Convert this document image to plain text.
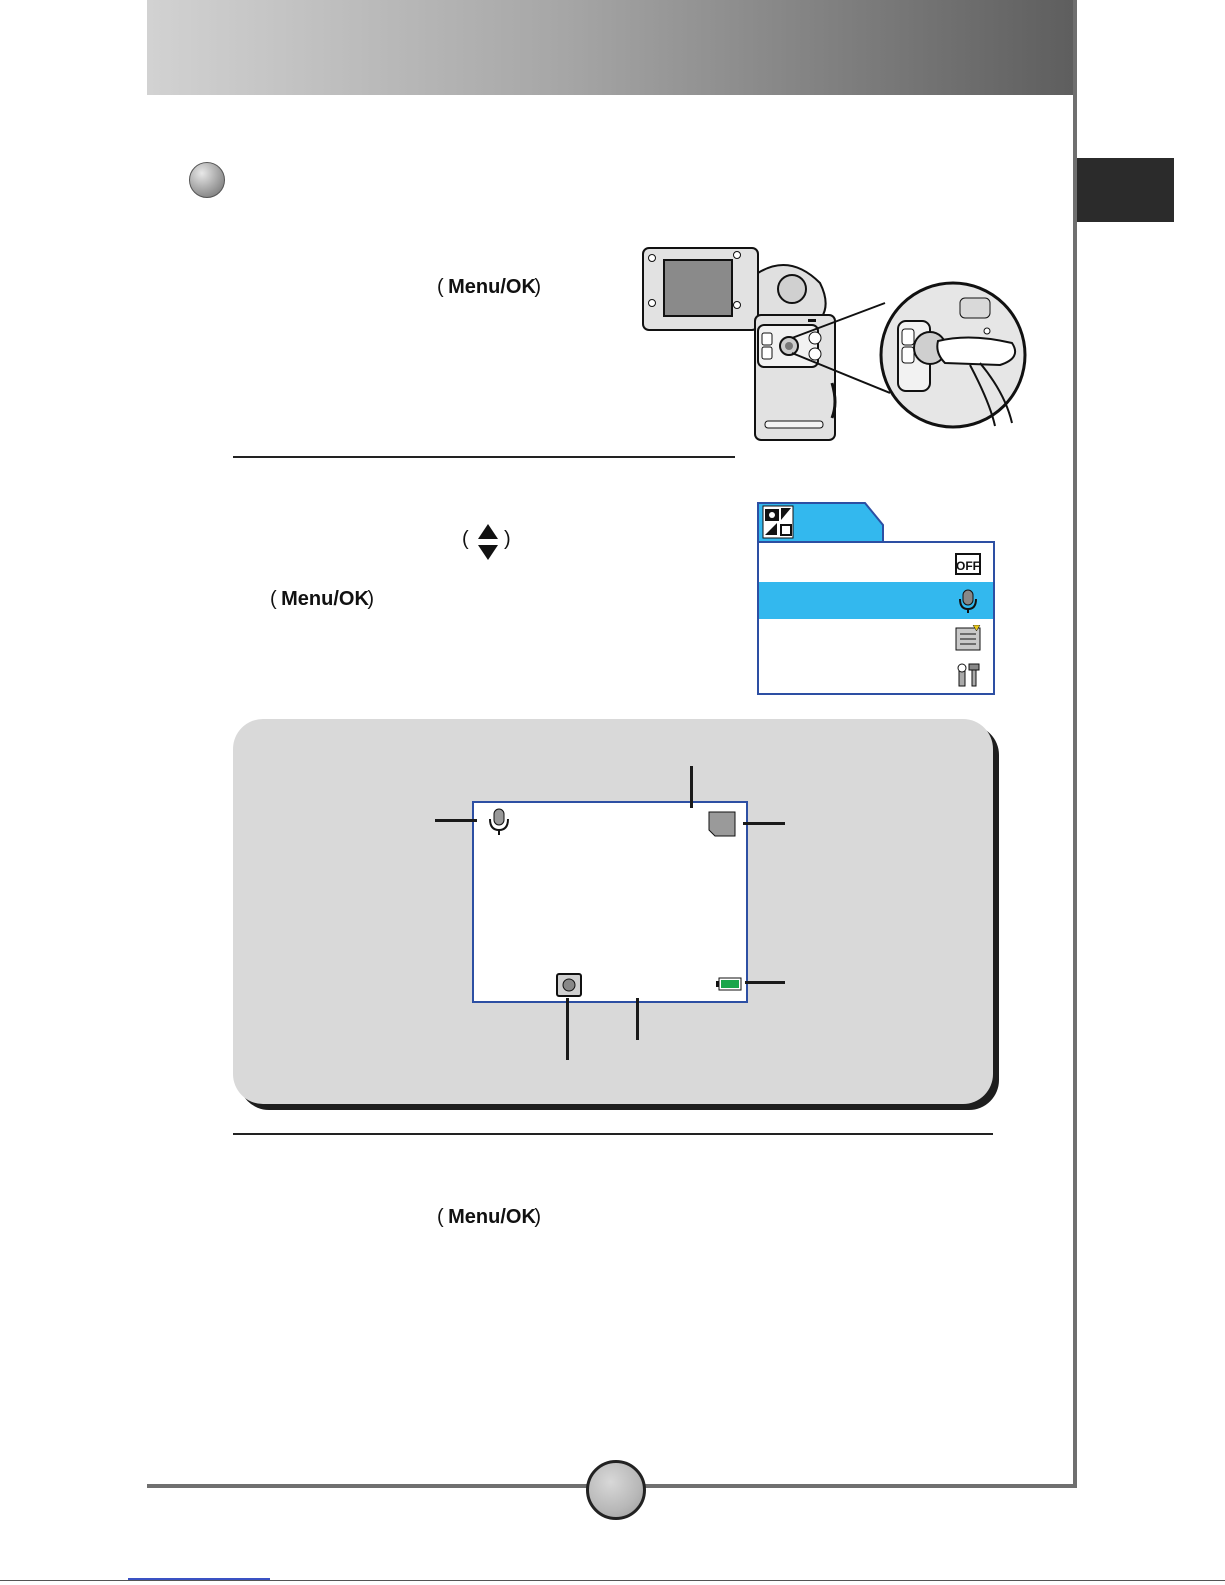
( Menu/OK )
( )
( Menu/OK )
OFF
( Menu/OK )
